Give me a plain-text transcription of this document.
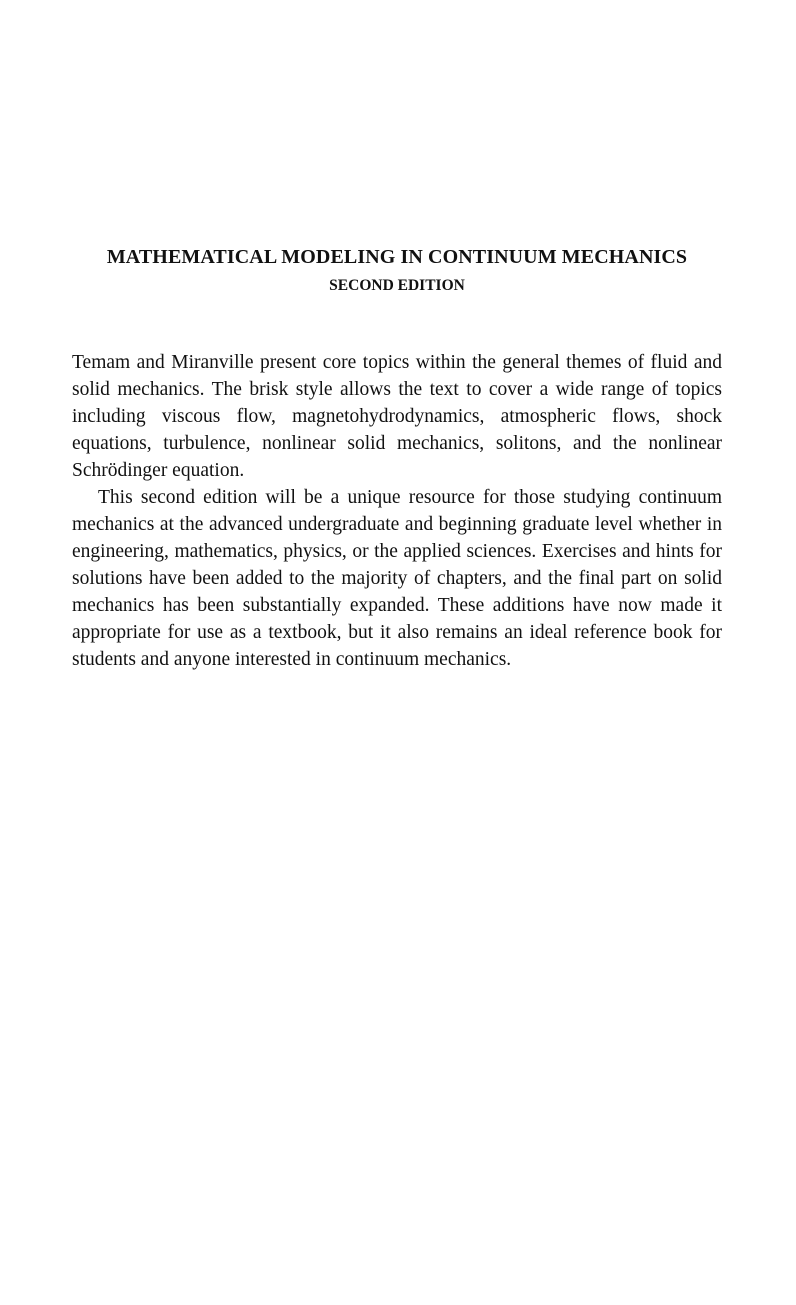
MATHEMATICAL MODELING IN CONTINUUM MECHANICS
SECOND EDITION

Temam and Miranville present core topics within the general themes of fluid and solid mechanics. The brisk style allows the text to cover a wide range of topics including viscous flow, magnetohydrodynamics, atmospheric flows, shock equations, turbulence, nonlinear solid mechanics, solitons, and the nonlinear Schrödinger equation.

This second edition will be a unique resource for those studying continuum mechanics at the advanced undergraduate and beginning graduate level whether in engineering, mathematics, physics, or the applied sciences. Exercises and hints for solutions have been added to the majority of chapters, and the final part on solid mechanics has been substantially expanded. These additions have now made it appropriate for use as a textbook, but it also remains an ideal reference book for students and anyone interested in continuum mechanics.
